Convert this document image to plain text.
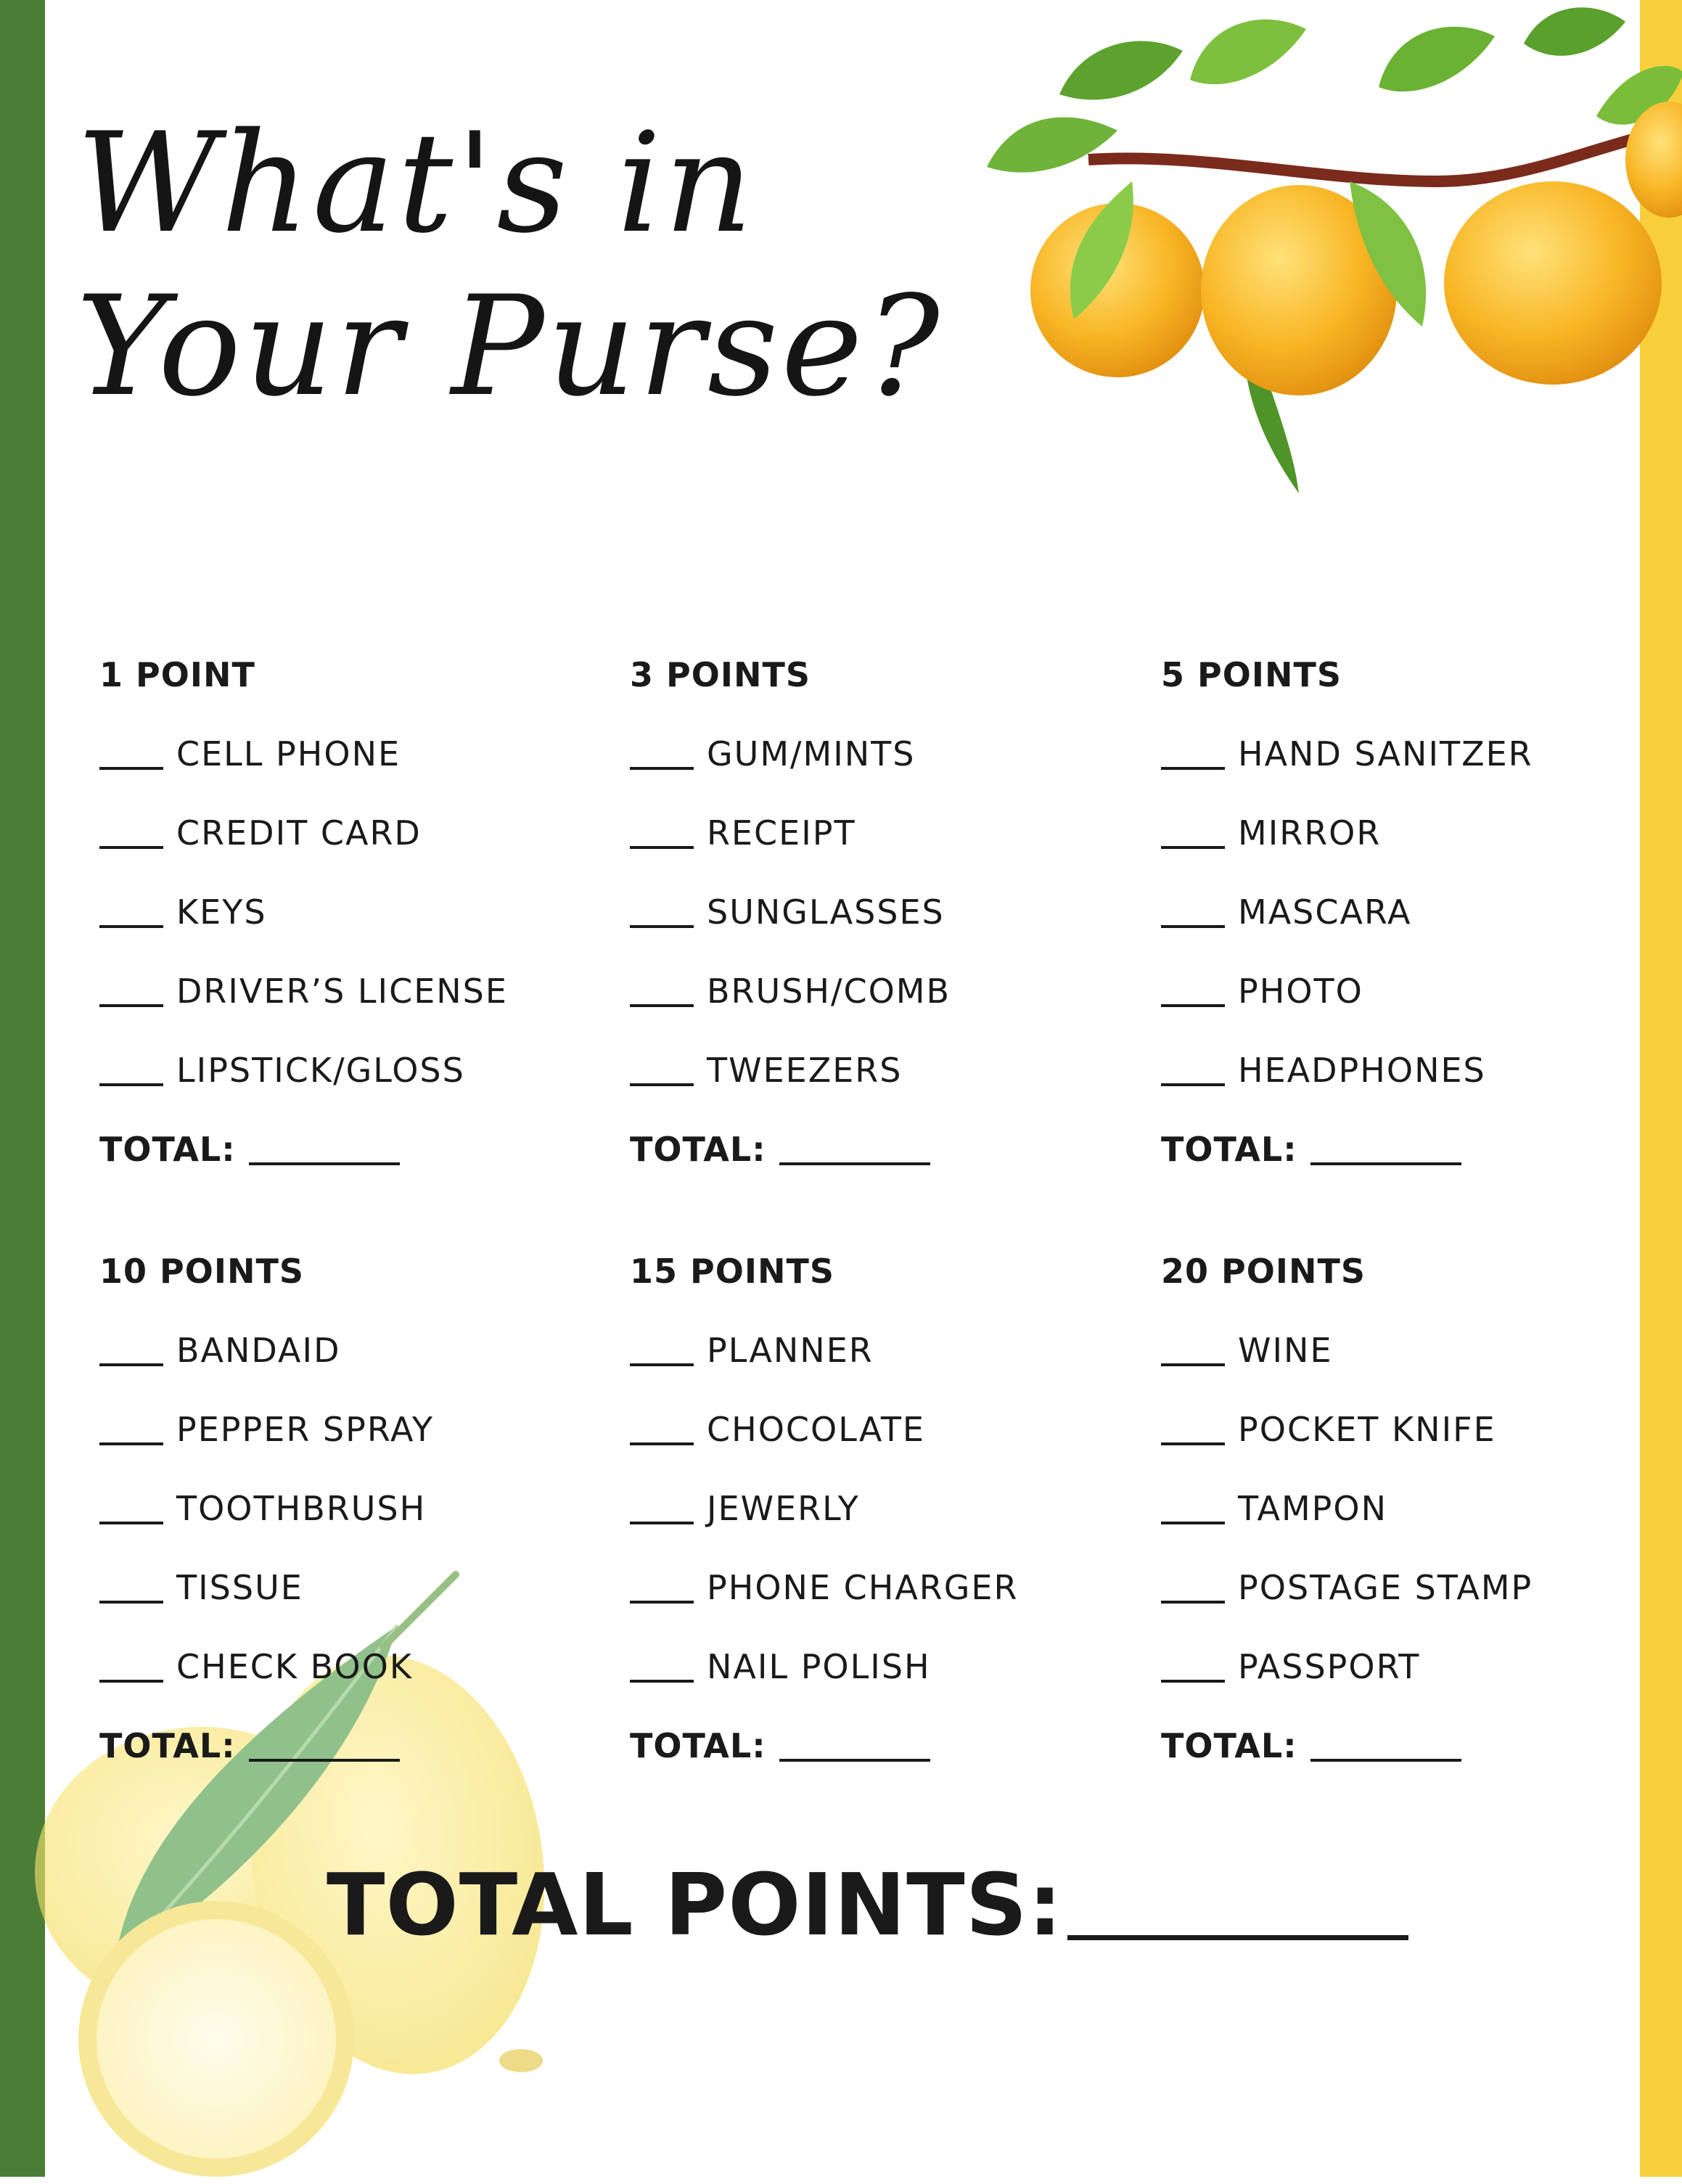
What's in
Your Purse?
1 POINT
CELL PHONE
CREDIT CARD
KEYS
DRIVER’S LICENSE
LIPSTICK/GLOSS
TOTAL:
3 POINTS
GUM/MINTS
RECEIPT
SUNGLASSES
BRUSH/COMB
TWEEZERS
TOTAL:
5 POINTS
HAND SANITZER
MIRROR
MASCARA
PHOTO
HEADPHONES
TOTAL:
10 POINTS
BANDAID
PEPPER SPRAY
TOOTHBRUSH
TISSUE
CHECK BOOK
TOTAL:
15 POINTS
PLANNER
CHOCOLATE
JEWERLY
PHONE CHARGER
NAIL POLISH
TOTAL:
20 POINTS
WINE
POCKET KNIFE
TAMPON
POSTAGE STAMP
PASSPORT
TOTAL:
TOTAL POINTS:
